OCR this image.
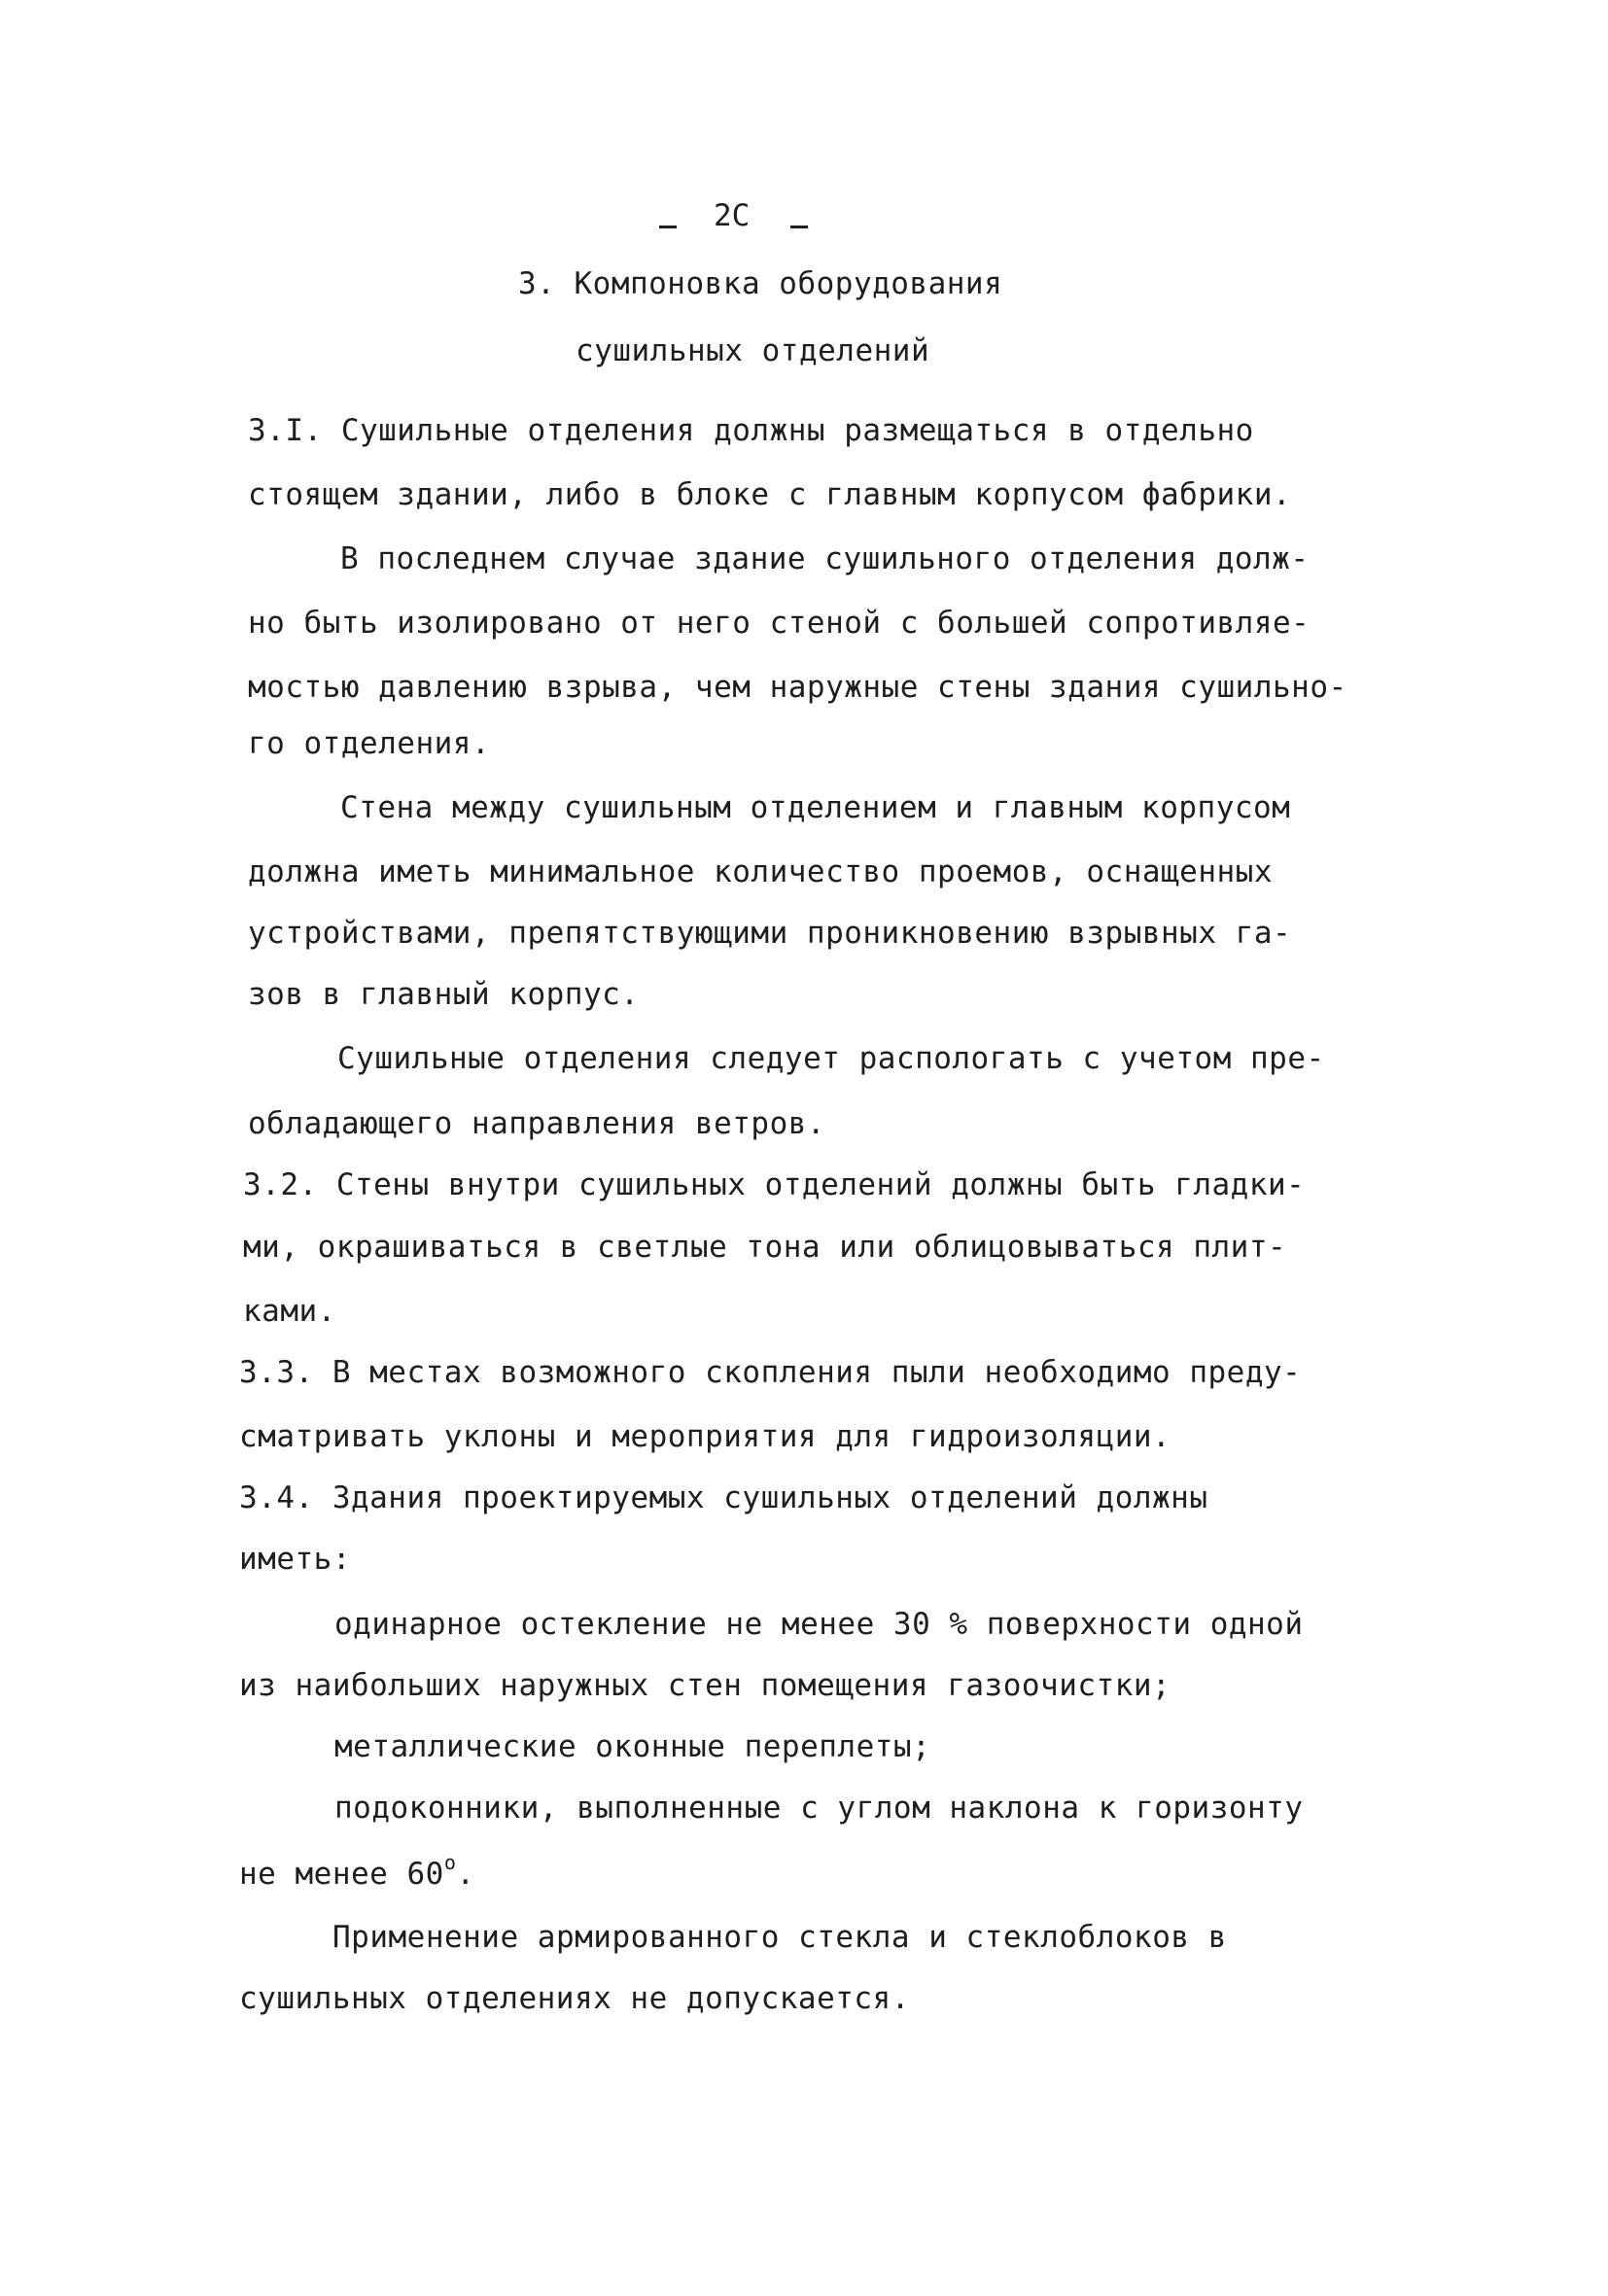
2С
3. Компоновка оборудования
сушильных отделений
3.I. Сушильные отделения должны размещаться в отдельно
стоящем здании, либо в блоке с главным корпусом фабрики.
В последнем случае здание сушильного отделения долж-
но быть изолировано от него стеной с большей сопротивляе-
мостью давлению взрыва, чем наружные стены здания сушильно-
го отделения.
Стена между сушильным отделением и главным корпусом
должна иметь минимальное количество проемов, оснащенных
устройствами, препятствующими проникновению взрывных га-
зов в главный корпус.
Сушильные отделения следует распологать с учетом пре-
обладающего направления ветров.
3.2. Стены внутри сушильных отделений должны быть гладки-
ми, окрашиваться в светлые тона или облицовываться плит-
ками.
3.3. В местах возможного скопления пыли необходимо преду-
сматривать уклоны и мероприятия для гидроизоляции.
3.4. Здания проектируемых сушильных отделений должны
иметь:
одинарное остекление не менее 30 % поверхности одной
из наибольших наружных стен помещения газоочистки;
металлические оконные переплеты;
подоконники, выполненные с углом наклона к горизонту
не менее $60^о$.
Применение армированного стекла и стеклоблоков в
сушильных отделениях не допускается.
